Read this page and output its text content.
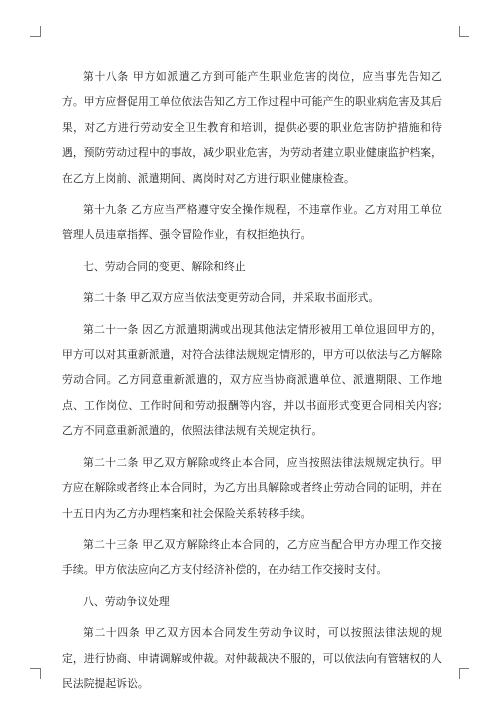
第十八条 甲方如派遣乙方到可能产生职业危害的岗位，应当事先告知乙方。甲方应督促用工单位依法告知乙方工作过程中可能产生的职业病危害及其后果，对乙方进行劳动安全卫生教育和培训，提供必要的职业危害防护措施和待遇，预防劳动过程中的事故，减少职业危害，为劳动者建立职业健康监护档案，在乙方上岗前、派遣期间、离岗时对乙方进行职业健康检查。

第十九条 乙方应当严格遵守安全操作规程，不违章作业。乙方对用工单位管理人员违章指挥、强令冒险作业，有权拒绝执行。

七、劳动合同的变更、解除和终止

第二十条 甲乙双方应当依法变更劳动合同，并采取书面形式。

第二十一条 因乙方派遣期满或出现其他法定情形被用工单位退回甲方的，甲方可以对其重新派遣，对符合法律法规规定情形的，甲方可以依法与乙方解除劳动合同。乙方同意重新派遣的，双方应当协商派遣单位、派遣期限、工作地点、工作岗位、工作时间和劳动报酬等内容，并以书面形式变更合同相关内容;乙方不同意重新派遣的，依照法律法规有关规定执行。

第二十二条 甲乙双方解除或终止本合同，应当按照法律法规规定执行。甲方应在解除或者终止本合同时，为乙方出具解除或者终止劳动合同的证明，并在十五日内为乙方办理档案和社会保险关系转移手续。

第二十三条 甲乙双方解除终止本合同的，乙方应当配合甲方办理工作交接手续。甲方依法应向乙方支付经济补偿的，在办结工作交接时支付。

八、劳动争议处理

第二十四条 甲乙双方因本合同发生劳动争议时，可以按照法律法规的规定，进行协商、申请调解或仲裁。对仲裁裁决不服的，可以依法向有管辖权的人民法院提起诉讼。
